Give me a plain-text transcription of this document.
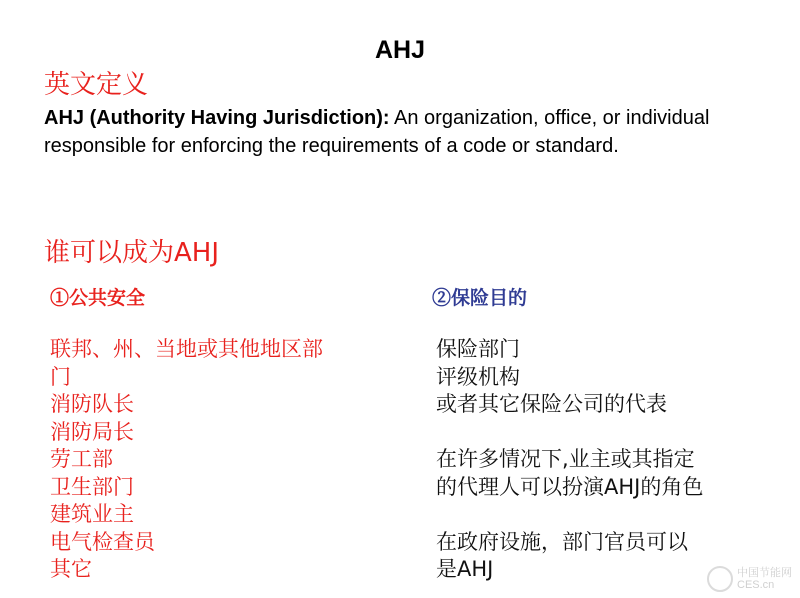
AHJ
英文定义
AHJ (Authority Having Jurisdiction): An organization, office, or individual responsible for enforcing the requirements of a code or standard.
谁可以成为AHJ
①公共安全	②保险目的
联邦、州、当地或其他地区部
门
消防队长
消防局长
劳工部
卫生部门
建筑业主
电气检查员
其它
保险部门
评级机构
或者其它保险公司的代表
在许多情况下,业主或其指定
的代理人可以扮演AHJ的角色
在政府设施，部门官员可以
是AHJ	中国节能网
CES.cn
